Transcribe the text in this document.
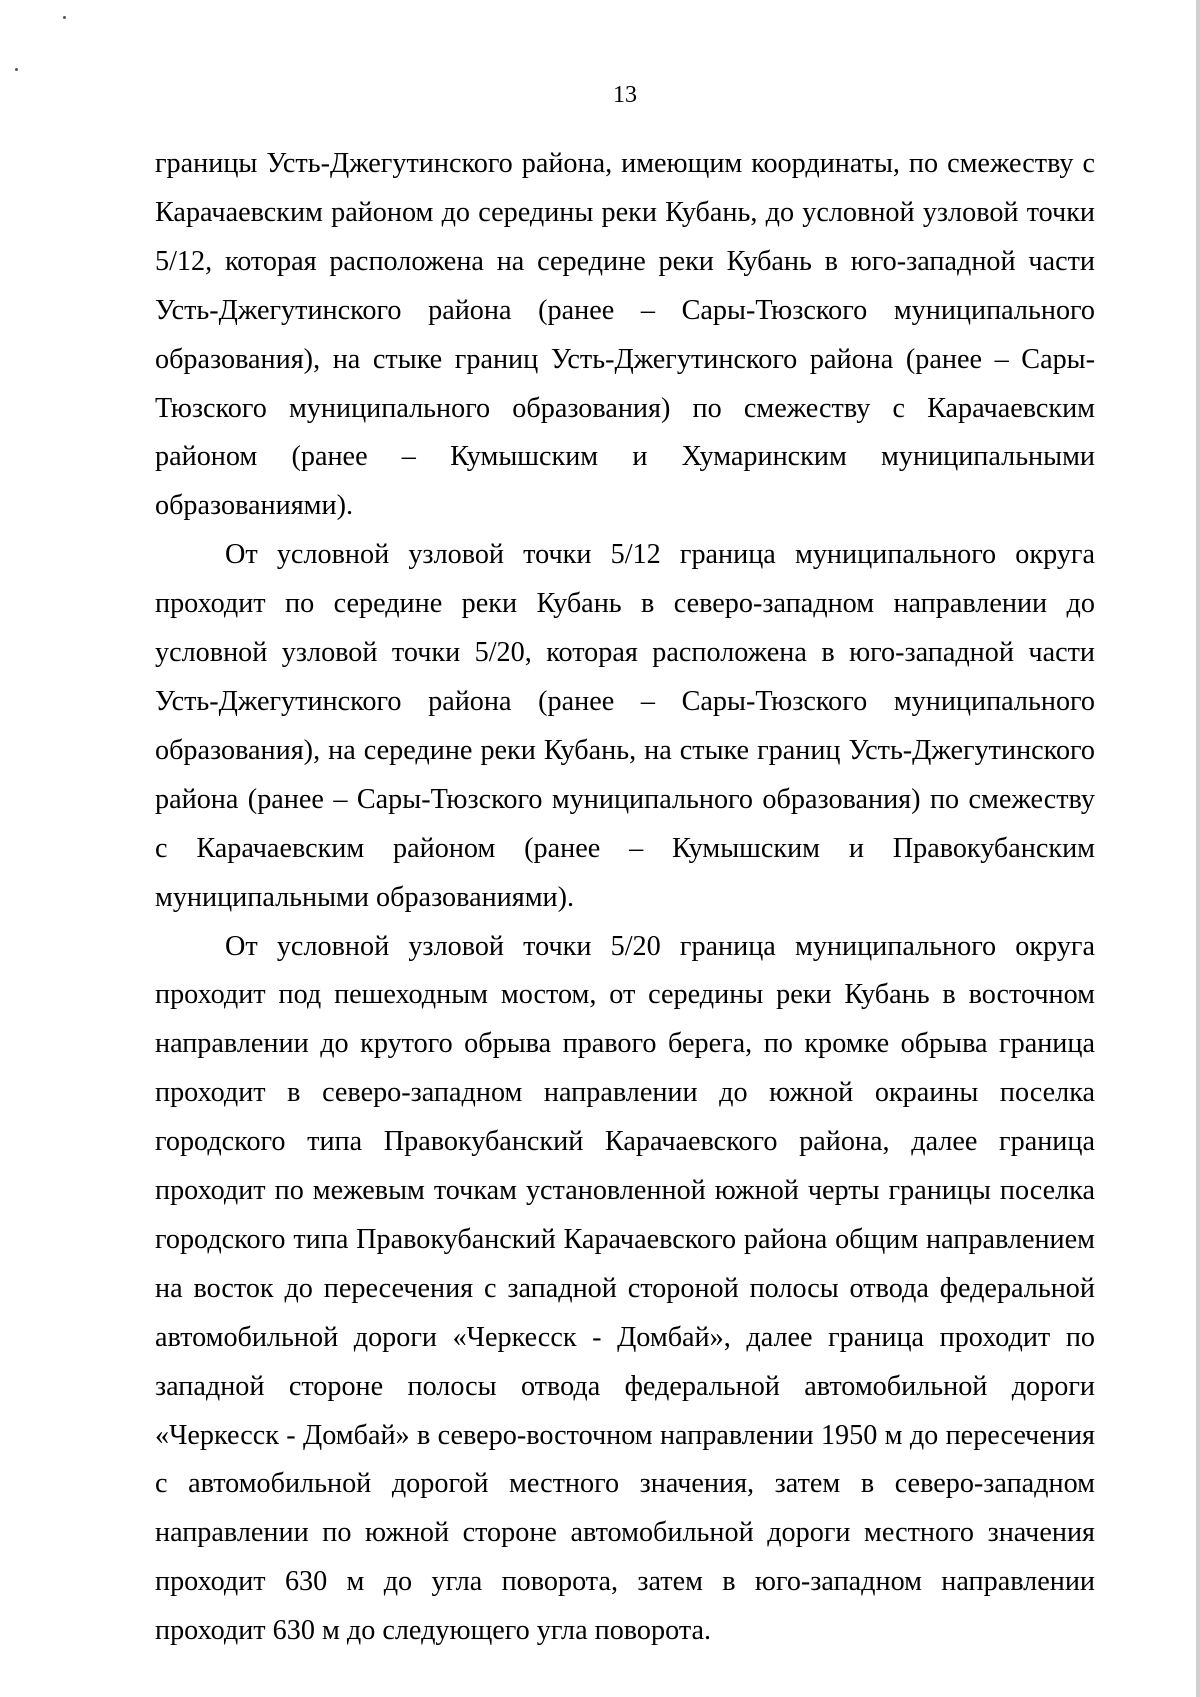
13

границы Усть-Джегутинского района, имеющим координаты, по смежеству с Карачаевским районом до середины реки Кубань, до условной узловой точки 5/12, которая расположена на середине реки Кубань в юго-западной части Усть-Джегутинского района (ранее – Сары-Тюзского муниципального образования), на стыке границ Усть-Джегутинского района (ранее – Сары-Тюзского муниципального образования) по смежеству с Карачаевским районом (ранее – Кумышским и Хумаринским муниципальными образованиями).

От условной узловой точки 5/12 граница муниципального округа проходит по середине реки Кубань в северо-западном направлении до условной узловой точки 5/20, которая расположена в юго-западной части Усть-Джегутинского района (ранее – Сары-Тюзского муниципального образования), на середине реки Кубань, на стыке границ Усть-Джегутинского района (ранее – Сары-Тюзского муниципального образования) по смежеству с Карачаевским районом (ранее – Кумышским и Правокубанским муниципальными образованиями).

От условной узловой точки 5/20 граница муниципального округа проходит под пешеходным мостом, от середины реки Кубань в восточном направлении до крутого обрыва правого берега, по кромке обрыва граница проходит в северо-западном направлении до южной окраины поселка городского типа Правокубанский Карачаевского района, далее граница проходит по межевым точкам установленной южной черты границы поселка городского типа Правокубанский Карачаевского района общим направлением на восток до пересечения с западной стороной полосы отвода федеральной автомобильной дороги «Черкесск - Домбай», далее граница проходит по западной стороне полосы отвода федеральной автомобильной дороги «Черкесск - Домбай» в северо-восточном направлении 1950 м до пересечения с автомобильной дорогой местного значения, затем в северо-западном направлении по южной стороне автомобильной дороги местного значения проходит 630 м до угла поворота, затем в юго-западном направлении проходит 630 м до следующего угла поворота.
